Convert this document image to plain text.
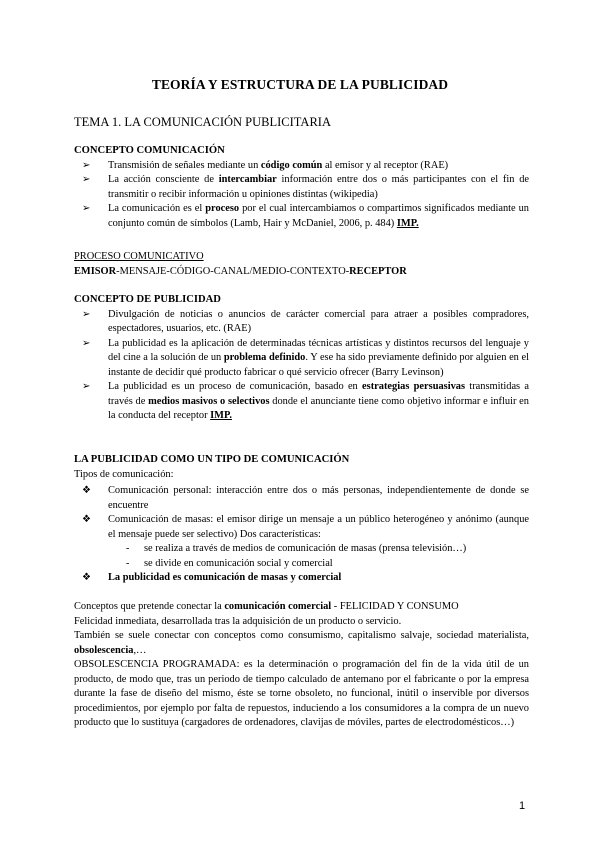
TEORÍA Y ESTRUCTURA DE LA PUBLICIDAD
TEMA 1. LA COMUNICACIÓN PUBLICITARIA
CONCEPTO COMUNICACIÓN
➢ Transmisión de señales mediante un código común al emisor y al receptor (RAE)
➢ La acción consciente de intercambiar información entre dos o más participantes con el fin de transmitir o recibir información u opiniones distintas (wikipedia)
➢ La comunicación es el proceso por el cual intercambiamos o compartimos significados mediante un conjunto común de símbolos (Lamb, Hair y McDaniel, 2006, p. 484) IMP.
PROCESO COMUNICATIVO
EMISOR-MENSAJE-CÓDIGO-CANAL/MEDIO-CONTEXTO-RECEPTOR
CONCEPTO DE PUBLICIDAD
➢ Divulgación de noticias o anuncios de carácter comercial para atraer a posibles compradores, espectadores, usuarios, etc. (RAE)
➢ La publicidad es la aplicación de determinadas técnicas artísticas y distintos recursos del lenguaje y del cine a la solución de un problema definido. Y ese ha sido previamente definido por alguien en el instante de decidir qué producto fabricar o qué servicio ofrecer (Barry Levinson)
➢ La publicidad es un proceso de comunicación, basado en estrategias persuasivas transmitidas a través de medios masivos o selectivos donde el anunciante tiene como objetivo informar e influir en la conducta del receptor IMP.
LA PUBLICIDAD COMO UN TIPO DE COMUNICACIÓN
Tipos de comunicación:
❖ Comunicación personal: interacción entre dos o más personas, independientemente de donde se encuentre
❖ Comunicación de masas: el emisor dirige un mensaje a un público heterogéneo y anónimo (aunque el mensaje puede ser selectivo) Dos características:
- se realiza a través de medios de comunicación de masas (prensa televisión…)
- se divide en comunicación social y comercial
❖ La publicidad es comunicación de masas y comercial

Conceptos que pretende conectar la comunicación comercial - FELICIDAD Y CONSUMO

Felicidad inmediata, desarrollada tras la adquisición de un producto o servicio.

También se suele conectar con conceptos como consumismo, capitalismo salvaje, sociedad materialista, obsolescencia,…

OBSOLESCENCIA PROGRAMADA: es la determinación o programación del fin de la vida útil de un producto, de modo que, tras un periodo de tiempo calculado de antemano por el fabricante o por la empresa durante la fase de diseño del mismo, éste se torne obsoleto, no funcional, inútil o inservible por diversos procedimientos, por ejemplo por falta de repuestos, induciendo a los consumidores a la compra de un nuevo producto que lo sustituya (cargadores de ordenadores, clavijas de móviles, partes de electrodomésticos…)

1
